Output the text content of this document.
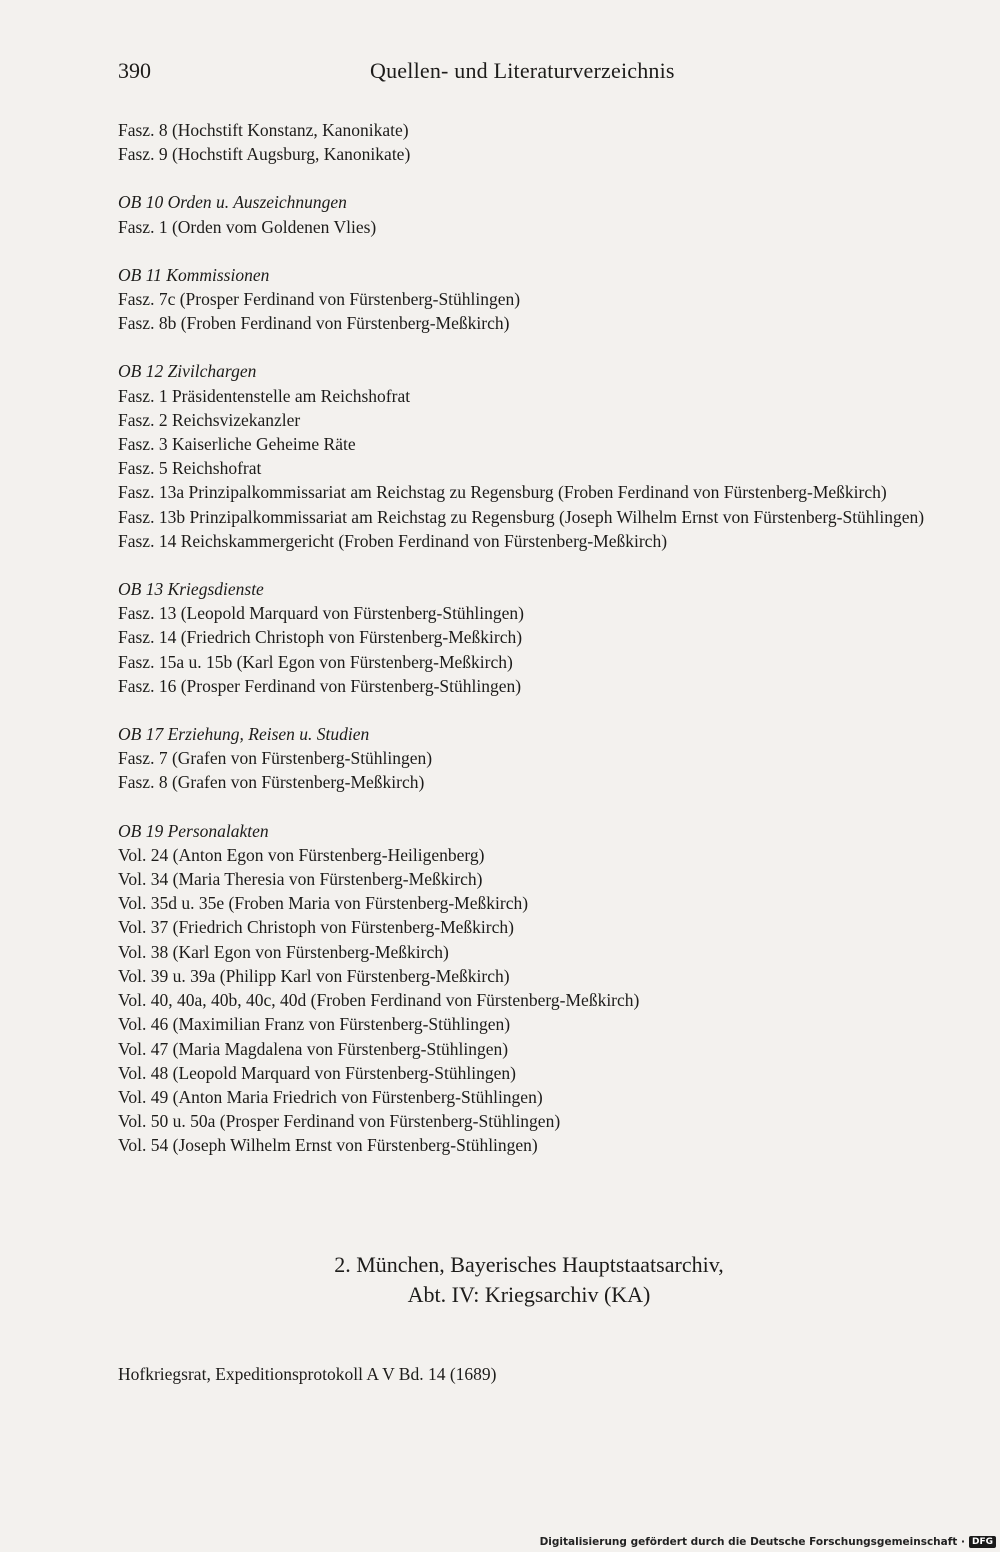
390	Quellen- und Literaturverzeichnis

Fasz. 8 (Hochstift Konstanz, Kanonikate)

Fasz. 9 (Hochstift Augsburg, Kanonikate)

OB 10 Orden u. Auszeichnungen

Fasz. 1 (Orden vom Goldenen Vlies)

OB 11 Kommissionen

Fasz. 7c (Prosper Ferdinand von Fürstenberg-Stühlingen)

Fasz. 8b (Froben Ferdinand von Fürstenberg-Meßkirch)

OB 12 Zivilchargen

Fasz. 1 Präsidentenstelle am Reichshofrat

Fasz. 2 Reichsvizekanzler

Fasz. 3 Kaiserliche Geheime Räte

Fasz. 5 Reichshofrat

Fasz. 13a Prinzipalkommissariat am Reichstag zu Regensburg (Froben Ferdinand von Fürstenberg-Meßkirch)

Fasz. 13b Prinzipalkommissariat am Reichstag zu Regensburg (Joseph Wilhelm Ernst von Fürstenberg-Stühlingen)

Fasz. 14 Reichskammergericht (Froben Ferdinand von Fürstenberg-Meßkirch)

OB 13 Kriegsdienste

Fasz. 13 (Leopold Marquard von Fürstenberg-Stühlingen)

Fasz. 14 (Friedrich Christoph von Fürstenberg-Meßkirch)

Fasz. 15a u. 15b (Karl Egon von Fürstenberg-Meßkirch)

Fasz. 16 (Prosper Ferdinand von Fürstenberg-Stühlingen)

OB 17 Erziehung, Reisen u. Studien

Fasz. 7 (Grafen von Fürstenberg-Stühlingen)

Fasz. 8 (Grafen von Fürstenberg-Meßkirch)

OB 19 Personalakten

Vol. 24 (Anton Egon von Fürstenberg-Heiligenberg)

Vol. 34 (Maria Theresia von Fürstenberg-Meßkirch)

Vol. 35d u. 35e (Froben Maria von Fürstenberg-Meßkirch)

Vol. 37 (Friedrich Christoph von Fürstenberg-Meßkirch)

Vol. 38 (Karl Egon von Fürstenberg-Meßkirch)

Vol. 39 u. 39a (Philipp Karl von Fürstenberg-Meßkirch)

Vol. 40, 40a, 40b, 40c, 40d (Froben Ferdinand von Fürstenberg-Meßkirch)

Vol. 46 (Maximilian Franz von Fürstenberg-Stühlingen)

Vol. 47 (Maria Magdalena von Fürstenberg-Stühlingen)

Vol. 48 (Leopold Marquard von Fürstenberg-Stühlingen)

Vol. 49 (Anton Maria Friedrich von Fürstenberg-Stühlingen)

Vol. 50 u. 50a (Prosper Ferdinand von Fürstenberg-Stühlingen)

Vol. 54 (Joseph Wilhelm Ernst von Fürstenberg-Stühlingen)

2. München, Bayerisches Hauptstaatsarchiv,
Abt. IV: Kriegsarchiv (KA)
Hofkriegsrat, Expeditionsprotokoll A V Bd. 14 (1689)
Digitalisierung gefördert durch die Deutsche Forschungsgemeinschaft · DFG
